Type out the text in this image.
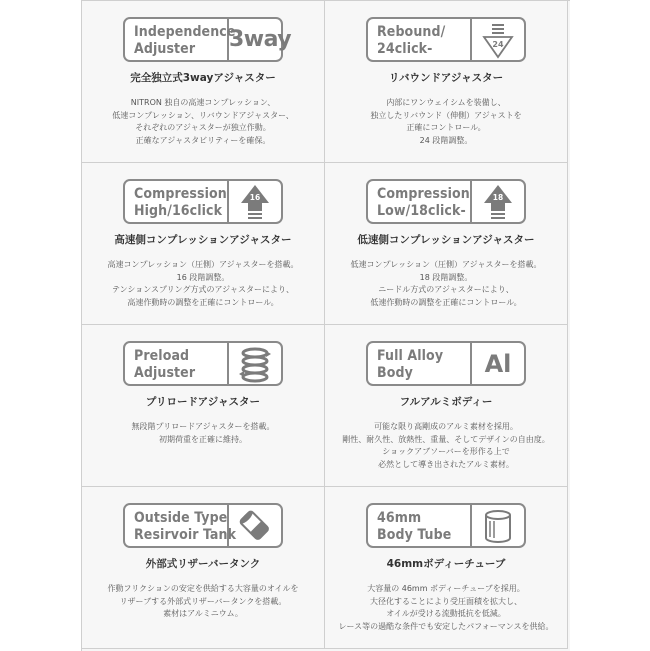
Independence
Adjuster	3way
完全独立式3wayアジャスター
NITRON 独自の高速コンプレッション、
低速コンプレッション、リバウンドアジャスター、
それぞれのアジャスターが独立作動。
正確なアジャスタビリティーを確保。
Rebound/
24click-	24
リバウンドアジャスター
内部にワンウェイシムを装備し、
独立したリバウンド（伸側）アジャストを
正確にコントロール。
24 段階調整。
Compression
High/16click
16
高速側コンプレッションアジャスター
高速コンプレッション（圧側）アジャスターを搭載。
16 段階調整。
テンションスプリング方式のアジャスターにより、
高速作動時の調整を正確にコントロール。
Compression
Low/18click-
18
低速側コンプレッションアジャスター
低速コンプレッション（圧側）アジャスターを搭載。
18 段階調整。
ニードル方式のアジャスターにより、
低速作動時の調整を正確にコントロール。
Preload
Adjuster
プリロードアジャスター
無段階プリロードアジャスターを搭載。
初期荷重を正確に維持。
Full Alloy
Body	Al
フルアルミボディー
可能な限り高剛成のアルミ素材を採用。
剛性、耐久性、放熱性、重量、そしてデザインの自由度。
ショックアブソーバーを形作る上で
必然として導き出されたアルミ素材。
Outside Type
Resirvoir Tank
外部式リザーバータンク
作動フリクションの安定を供給する大容量のオイルを
リザーブする外部式リザーバータンクを搭載。
素材はアルミニウム。
46mm
Body Tube
46mmボディーチューブ
大容量の 46mm ボディーチューブを採用。
大径化することにより受圧面積を拡大し、
オイルが受ける流動抵抗を低減。
レース等の過酷な条件でも安定したパフォーマンスを供給。
